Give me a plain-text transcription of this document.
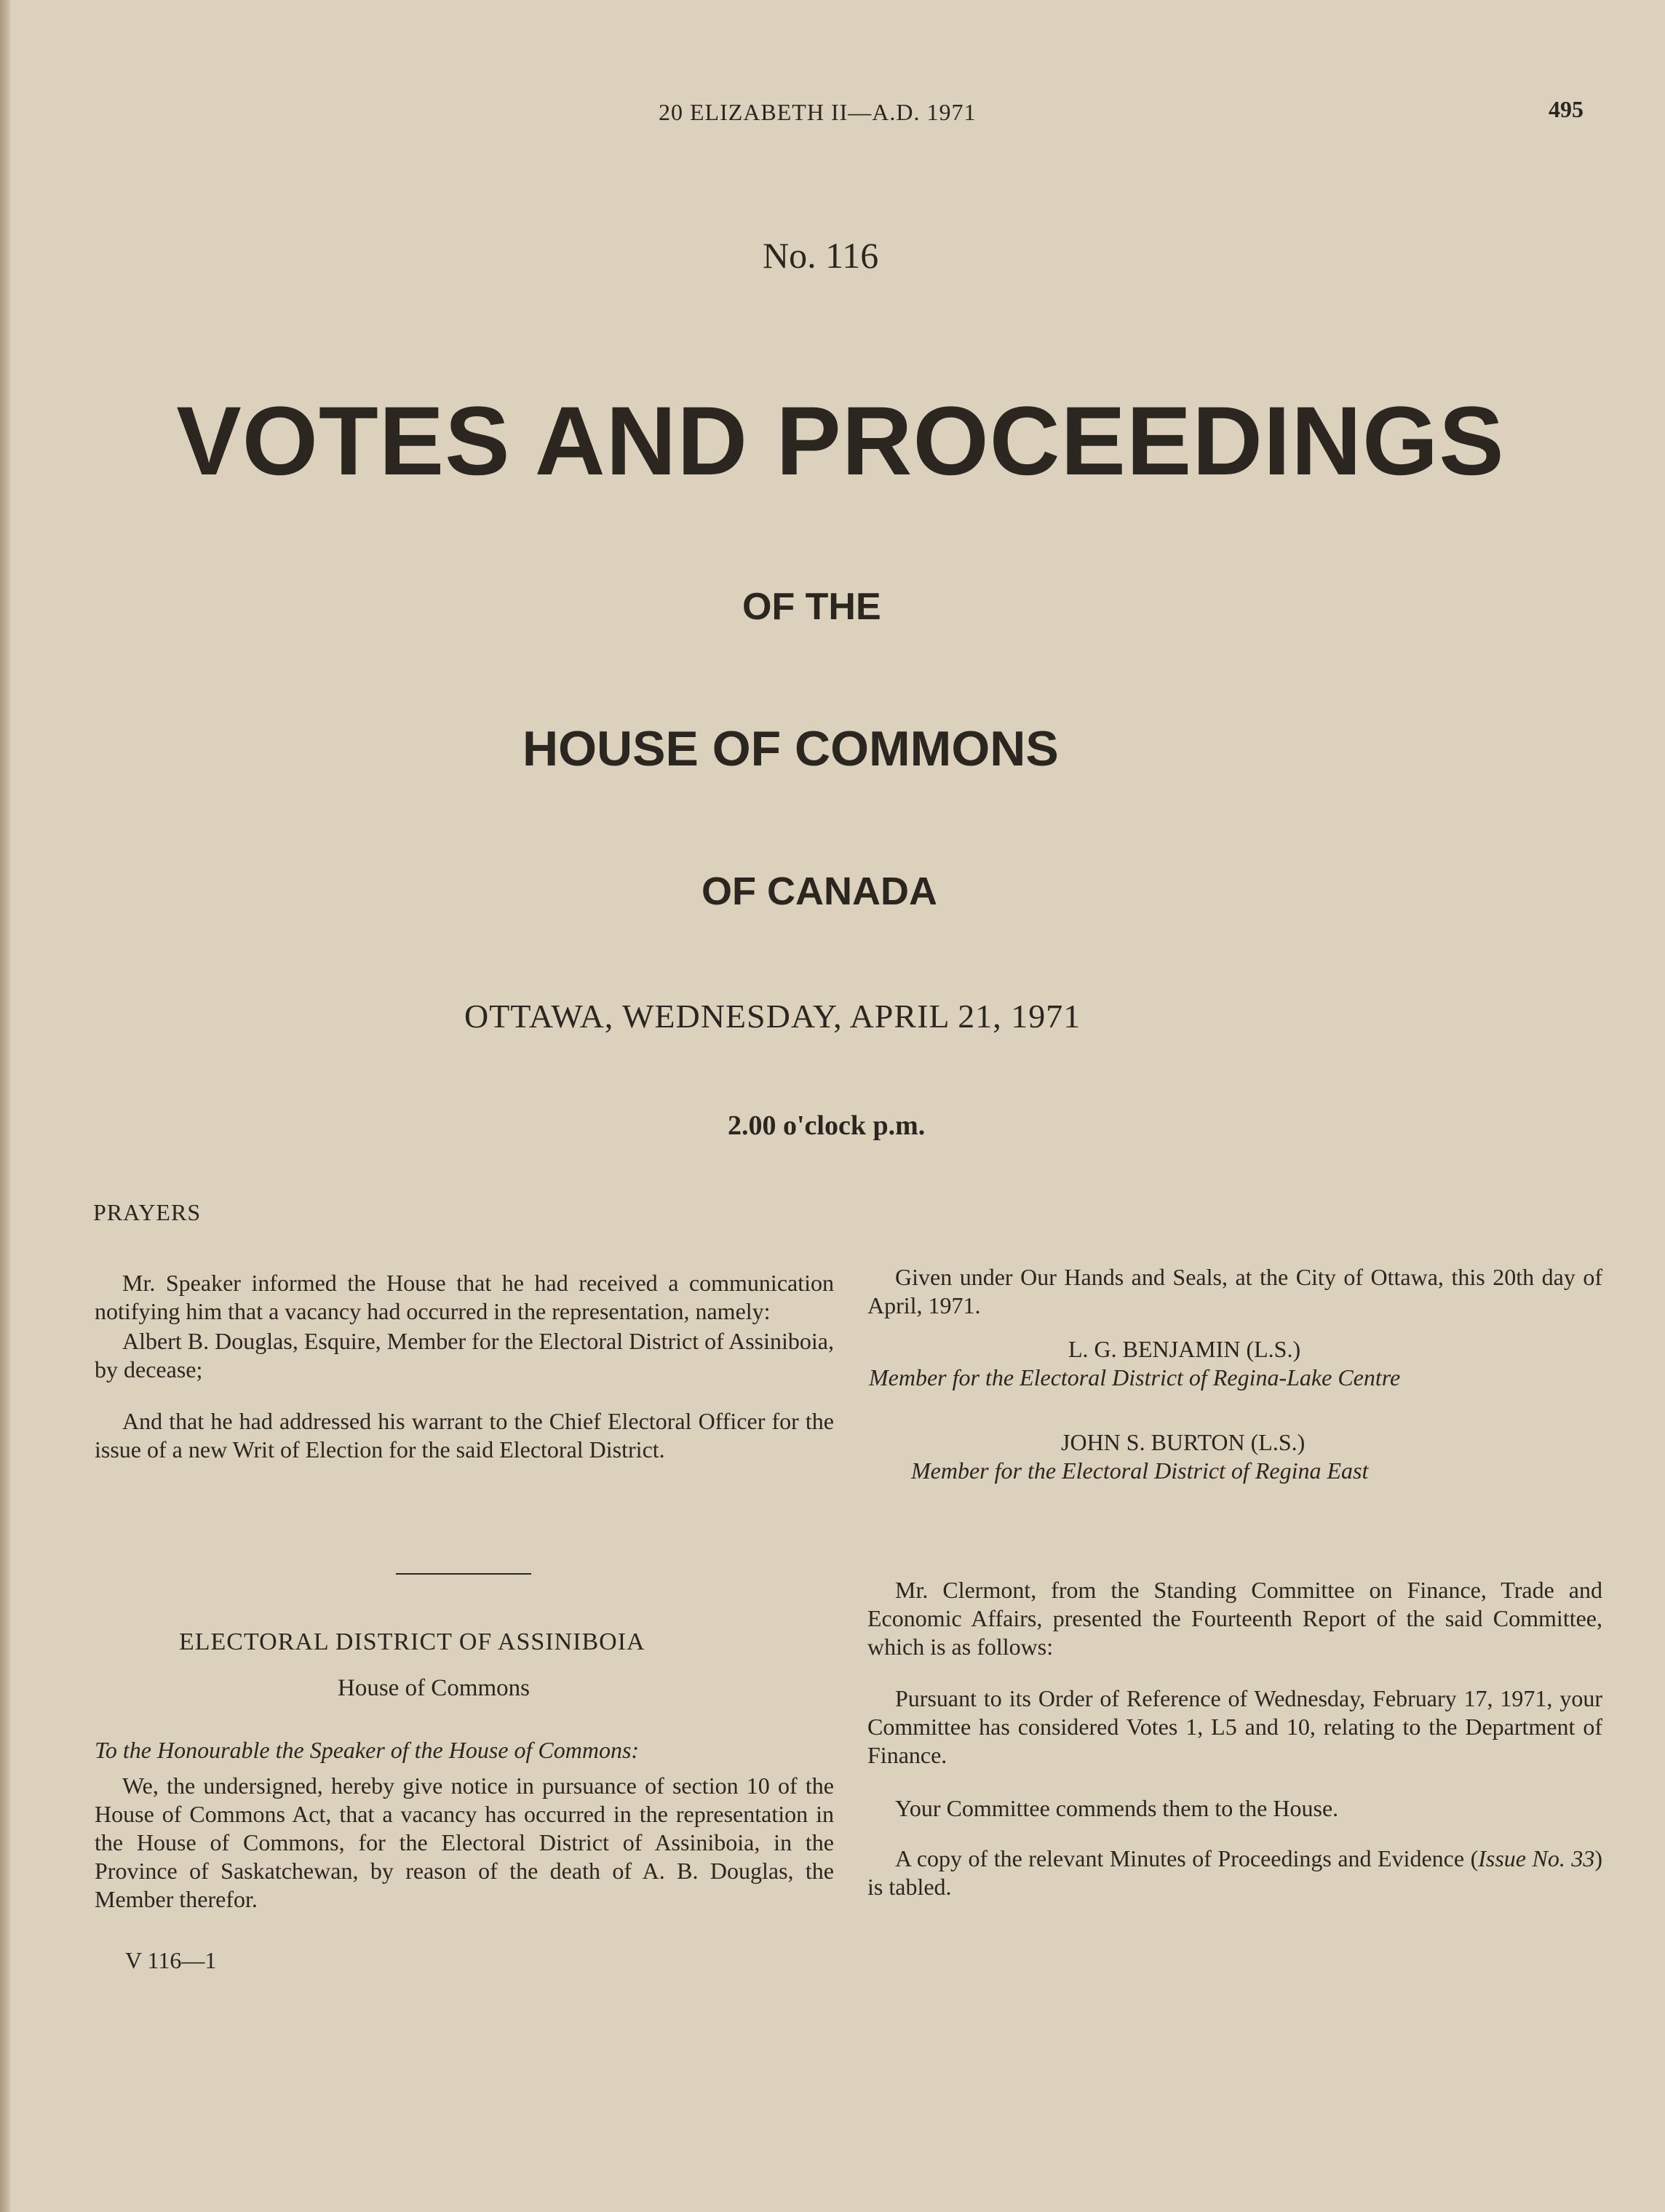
20 ELIZABETH II—A.D. 1971	495
No. 116
VOTES AND PROCEEDINGS
OF THE
HOUSE OF COMMONS
OF CANADA
OTTAWA, WEDNESDAY, APRIL 21, 1971
2.00 o'clock p.m.
PRAYERS

Mr. Speaker informed the House that he had received a communication notifying him that a vacancy had occurred in the representation, namely:

Albert B. Douglas, Esquire, Member for the Electoral District of Assiniboia, by decease;

And that he had addressed his warrant to the Chief Electoral Officer for the issue of a new Writ of Election for the said Electoral District.

ELECTORAL DISTRICT OF ASSINIBOIA
House of Commons

To the Honourable the Speaker of the House of Commons:

We, the undersigned, hereby give notice in pursuance of section 10 of the House of Commons Act, that a vacancy has occurred in the representation in the House of Commons, for the Electoral District of Assiniboia, in the Province of Saskatchewan, by reason of the death of A. B. Douglas, the Member therefor.

V 116—1

Given under Our Hands and Seals, at the City of Ottawa, this 20th day of April, 1971.

L. G. BENJAMIN (L.S.)
Member for the Electoral District of Regina-Lake Centre
JOHN S. BURTON (L.S.)
Member for the Electoral District of Regina East

Mr. Clermont, from the Standing Committee on Finance, Trade and Economic Affairs, presented the Fourteenth Report of the said Committee, which is as follows:

Pursuant to its Order of Reference of Wednesday, February 17, 1971, your Committee has considered Votes 1, L5 and 10, relating to the Department of Finance.

Your Committee commends them to the House.

A copy of the relevant Minutes of Proceedings and Evidence (Issue No. 33) is tabled.
